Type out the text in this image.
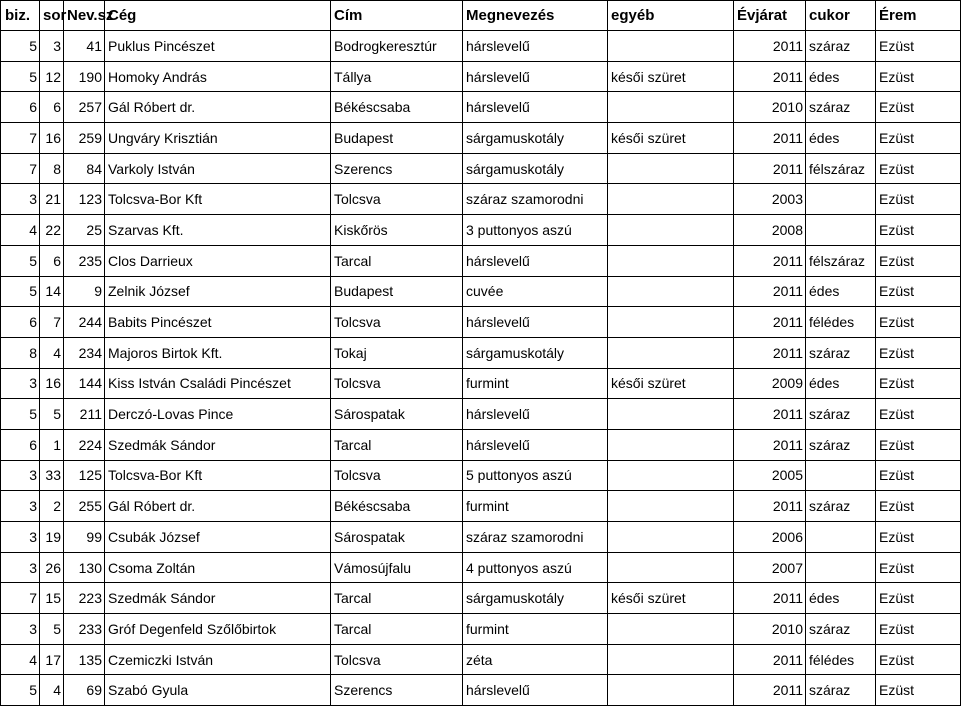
biz.	sor	Nev.sz	Cég	Cím	Megnevezés	egyéb	Évjárat	cukor	Érem
5	3	41	Puklus Pincészet	Bodrogkeresztúr	hárslevelű		2011	száraz	Ezüst
5	12	190	Homoky András	Tállya	hárslevelű	késői szüret	2011	édes	Ezüst
6	6	257	Gál Róbert dr.	Békéscsaba	hárslevelű		2010	száraz	Ezüst
7	16	259	Ungváry Krisztián	Budapest	sárgamuskotály	késői szüret	2011	édes	Ezüst
7	8	84	Varkoly István	Szerencs	sárgamuskotály		2011	félszáraz	Ezüst
3	21	123	Tolcsva-Bor Kft	Tolcsva	száraz szamorodni		2003		Ezüst
4	22	25	Szarvas Kft.	Kiskőrös	3 puttonyos aszú		2008		Ezüst
5	6	235	Clos Darrieux	Tarcal	hárslevelű		2011	félszáraz	Ezüst
5	14	9	Zelnik József	Budapest	cuvée		2011	édes	Ezüst
6	7	244	Babits Pincészet	Tolcsva	hárslevelű		2011	félédes	Ezüst
8	4	234	Majoros Birtok Kft.	Tokaj	sárgamuskotály		2011	száraz	Ezüst
3	16	144	Kiss István Családi Pincészet	Tolcsva	furmint	késői szüret	2009	édes	Ezüst
5	5	211	Derczó-Lovas Pince	Sárospatak	hárslevelű		2011	száraz	Ezüst
6	1	224	Szedmák Sándor	Tarcal	hárslevelű		2011	száraz	Ezüst
3	33	125	Tolcsva-Bor Kft	Tolcsva	5 puttonyos aszú		2005		Ezüst
3	2	255	Gál Róbert dr.	Békéscsaba	furmint		2011	száraz	Ezüst
3	19	99	Csubák József	Sárospatak	száraz szamorodni		2006		Ezüst
3	26	130	Csoma Zoltán	Vámosújfalu	4 puttonyos aszú		2007		Ezüst
7	15	223	Szedmák Sándor	Tarcal	sárgamuskotály	késői szüret	2011	édes	Ezüst
3	5	233	Gróf Degenfeld Szőlőbirtok	Tarcal	furmint		2010	száraz	Ezüst
4	17	135	Czemiczki István	Tolcsva	zéta		2011	félédes	Ezüst
5	4	69	Szabó Gyula	Szerencs	hárslevelű		2011	száraz	Ezüst
